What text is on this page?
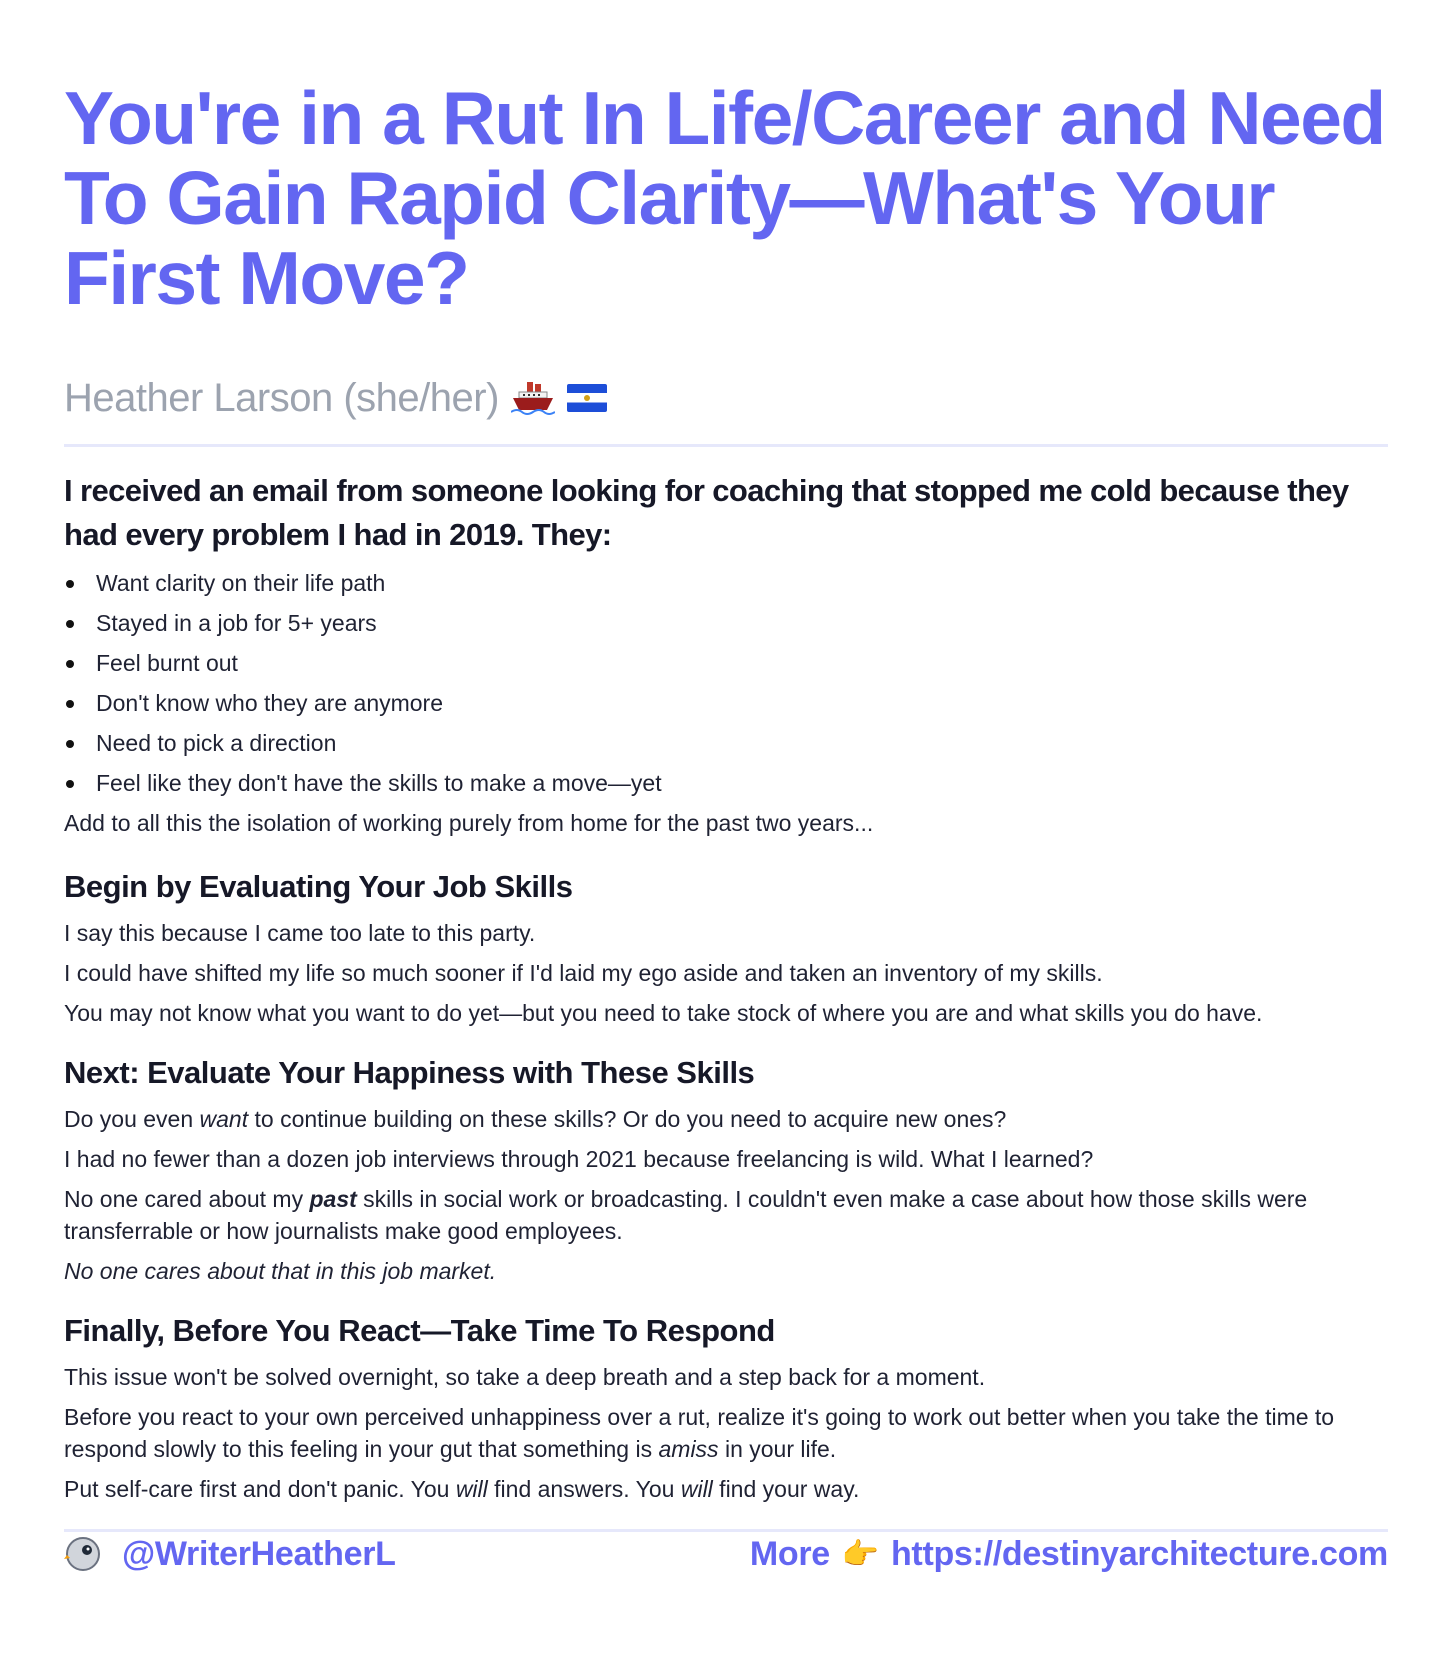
You're in a Rut In Life/Career and Need To Gain Rapid Clarity—What's Your First Move?
Heather Larson (she/her)

I received an email from someone looking for coaching that stopped me cold because they had every problem I had in 2019. They:

Want clarity on their life path
Stayed in a job for 5+ years
Feel burnt out
Don't know who they are anymore
Need to pick a direction
Feel like they don't have the skills to make a move—yet

Add to all this the isolation of working purely from home for the past two years...

Begin by Evaluating Your Job Skills

I say this because I came too late to this party.

I could have shifted my life so much sooner if I'd laid my ego aside and taken an inventory of my skills.

You may not know what you want to do yet—but you need to take stock of where you are and what skills you do have.

Next: Evaluate Your Happiness with These Skills

Do you even want to continue building on these skills? Or do you need to acquire new ones?

I had no fewer than a dozen job interviews through 2021 because freelancing is wild. What I learned?

No one cared about my past skills in social work or broadcasting. I couldn't even make a case about how those skills were transferrable or how journalists make good employees.

No one cares about that in this job market.

Finally, Before You React—Take Time To Respond

This issue won't be solved overnight, so take a deep breath and a step back for a moment.

Before you react to your own perceived unhappiness over a rut, realize it's going to work out better when you take the time to respond slowly to this feeling in your gut that something is amiss in your life.

Put self-care first and don't panic. You will find answers. You will find your way.

@WriterHeatherL	More 👉 https://destinyarchitecture.com
